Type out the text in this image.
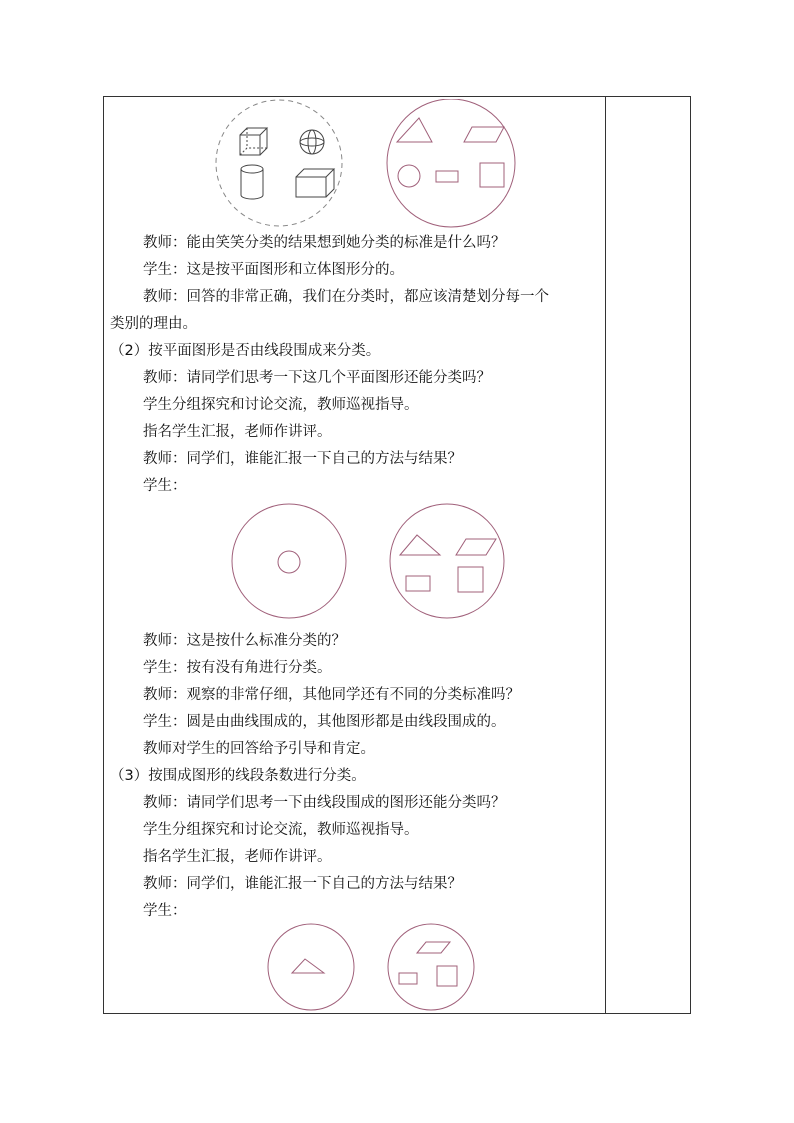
教师：能由笑笑分类的结果想到她分类的标准是什么吗？
学生：这是按平面图形和立体图形分的。
教师：回答的非常正确，我们在分类时，都应该清楚划分每一个
类别的理由。
（2）按平面图形是否由线段围成来分类。
教师：请同学们思考一下这几个平面图形还能分类吗？
学生分组探究和讨论交流，教师巡视指导。
指名学生汇报，老师作讲评。
教师：同学们，谁能汇报一下自己的方法与结果？
学生：
教师：这是按什么标准分类的？
学生：按有没有角进行分类。
教师：观察的非常仔细，其他同学还有不同的分类标准吗？
学生：圆是由曲线围成的，其他图形都是由线段围成的。
教师对学生的回答给予引导和肯定。
（3）按围成图形的线段条数进行分类。
教师：请同学们思考一下由线段围成的图形还能分类吗？
学生分组探究和讨论交流，教师巡视指导。
指名学生汇报，老师作讲评。
教师：同学们，谁能汇报一下自己的方法与结果？
学生：
